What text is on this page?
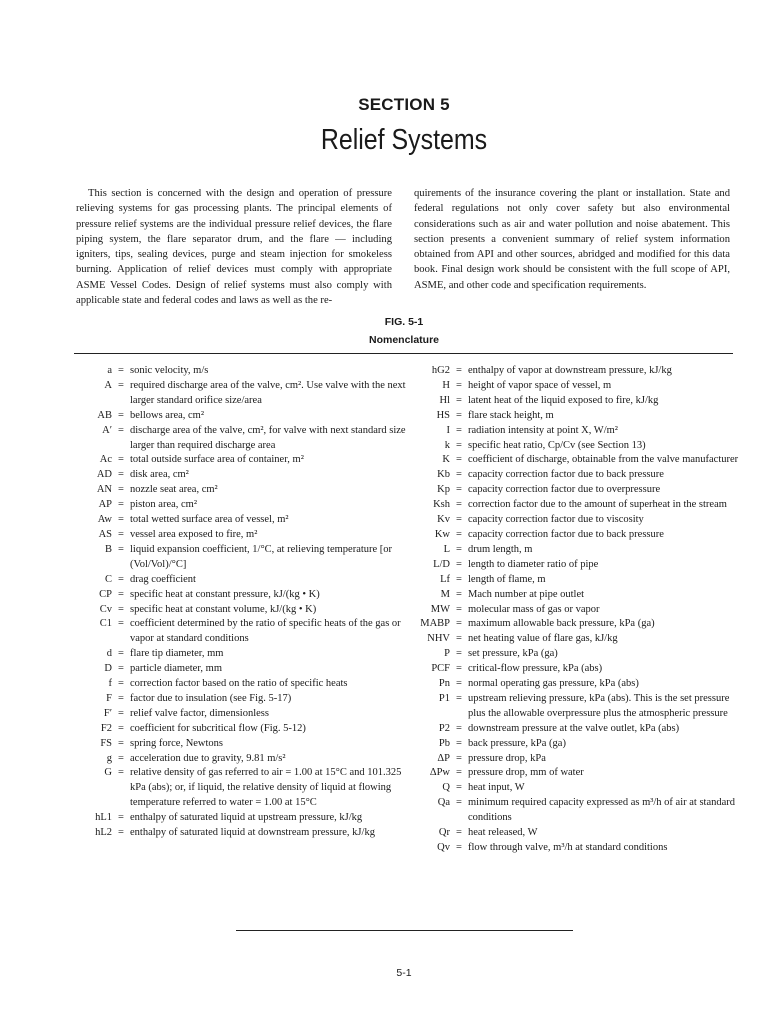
SECTION 5
Relief Systems

This section is concerned with the design and operation of pressure relieving systems for gas processing plants. The principal elements of pressure relief systems are the individual pressure relief devices, the flare piping system, the flare separator drum, and the flare — including igniters, tips, sealing devices, purge and steam injection for smokeless burning. Application of relief devices must comply with appropriate ASME Vessel Codes. Design of relief systems must also comply with applicable state and federal codes and laws as well as the re-

quirements of the insurance covering the plant or installation. State and federal regulations not only cover safety but also environmental considerations such as air and water pollution and noise abatement. This section presents a convenient summary of relief system information obtained from API and other sources, abridged and modified for this data book. Final design work should be consistent with the full scope of API, ASME, and other code and specification requirements.

FIG. 5-1
Nomenclature
a = sonic velocity, m/s
A = required discharge area of the valve, cm². Use valve with the next larger standard orifice size/area
AB = bellows area, cm²
A′ = discharge area of the valve, cm², for valve with next standard size larger than required discharge area
Ac = total outside surface area of container, m²
AD = disk area, cm²
AN = nozzle seat area, cm²
AP = piston area, cm²
Aw = total wetted surface area of vessel, m²
AS = vessel area exposed to fire, m²
B = liquid expansion coefficient, 1/°C, at relieving temperature [or (Vol/Vol)/°C]
C = drag coefficient
CP = specific heat at constant pressure, kJ/(kg • K)
Cv = specific heat at constant volume, kJ/(kg • K)
C1 = coefficient determined by the ratio of specific heats of the gas or vapor at standard conditions
d = flare tip diameter, mm
D = particle diameter, mm
f = correction factor based on the ratio of specific heats
F = factor due to insulation (see Fig. 5-17)
F′ = relief valve factor, dimensionless
F2 = coefficient for subcritical flow (Fig. 5-12)
FS = spring force, Newtons
g = acceleration due to gravity, 9.81 m/s²
G = relative density of gas referred to air = 1.00 at 15°C and 101.325 kPa (abs); or, if liquid, the relative density of liquid at flowing temperature referred to water = 1.00 at 15°C
hL1 = enthalpy of saturated liquid at upstream pressure, kJ/kg
hL2 = enthalpy of saturated liquid at downstream pressure, kJ/kg
hG2 = enthalpy of vapor at downstream pressure, kJ/kg
H = height of vapor space of vessel, m
Hl = latent heat of the liquid exposed to fire, kJ/kg
HS = flare stack height, m
I = radiation intensity at point X, W/m²
k = specific heat ratio, Cp/Cv (see Section 13)
K = coefficient of discharge, obtainable from the valve manufacturer
Kb = capacity correction factor due to back pressure
Kp = capacity correction factor due to overpressure
Ksh = correction factor due to the amount of superheat in the stream
Kv = capacity correction factor due to viscosity
Kw = capacity correction factor due to back pressure
L = drum length, m
L/D = length to diameter ratio of pipe
Lf = length of flame, m
M = Mach number at pipe outlet
MW = molecular mass of gas or vapor
MABP = maximum allowable back pressure, kPa (ga)
NHV = net heating value of flare gas, kJ/kg
P = set pressure, kPa (ga)
PCF = critical-flow pressure, kPa (abs)
Pn = normal operating gas pressure, kPa (abs)
P1 = upstream relieving pressure, kPa (abs). This is the set pressure plus the allowable overpressure plus the atmospheric pressure
P2 = downstream pressure at the valve outlet, kPa (abs)
Pb = back pressure, kPa (ga)
ΔP = pressure drop, kPa
ΔPw = pressure drop, mm of water
Q = heat input, W
Qa = minimum required capacity expressed as m³/h of air at standard conditions
Qr = heat released, W
Qv = flow through valve, m³/h at standard conditions
5-1
